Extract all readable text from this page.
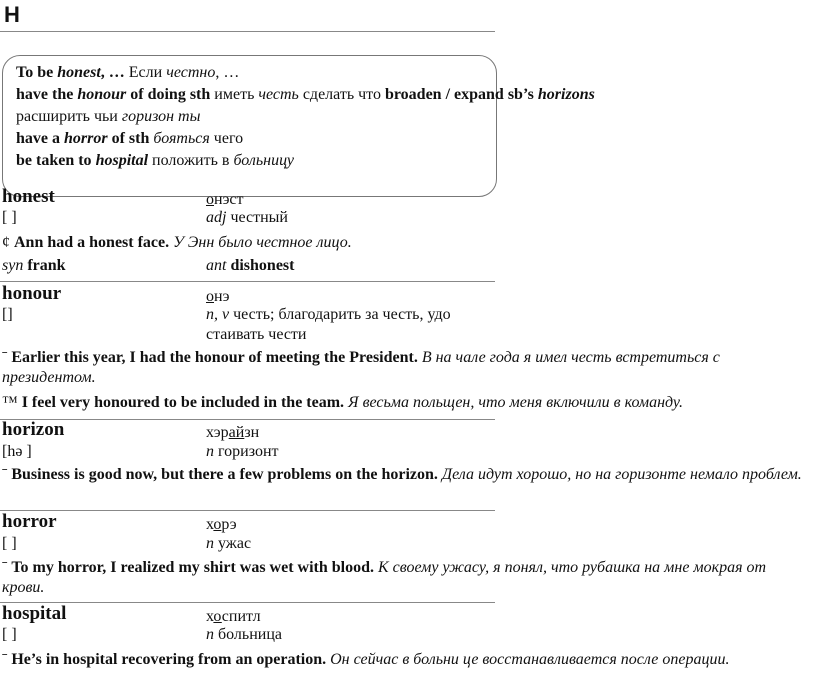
H
To be honest, … Если честно, …
have the honour of doing sth иметь честь сделать что broaden / expand sb’s horizons
расширить чьи горизон ты
have a horror of sth бояться чего
be taken to hospital положить в больницу
honest	онэст
[ ]	adj честный
¢ Ann had a honest face. У Энн было честное лицо.
syn frank	ant dishonest
honour	онэ
[]	n, v честь; благодарить за честь, удо
стаивать чести
ˉ Earlier this year, I had the honour of meeting the President. В на чале года я имел честь встретиться с президентом.
™ I feel very honoured to be included in the team. Я весьма польщен, что меня включили в команду.
horizon	хэрайзн
[hə ]	n горизонт
ˉ Business is good now, but there a few problems on the horizon. Дела идут хорошо, но на горизонте немало проблем.
horror	хорэ
[ ]	n ужас
ˉ To my horror, I realized my shirt was wet with blood. К своему ужасу, я понял, что рубашка на мне мокрая от крови.
hospital	хоспитл
[ ]	n больница
ˉ He’s in hospital recovering from an operation. Он сейчас в больни це восстанавливается после операции.
